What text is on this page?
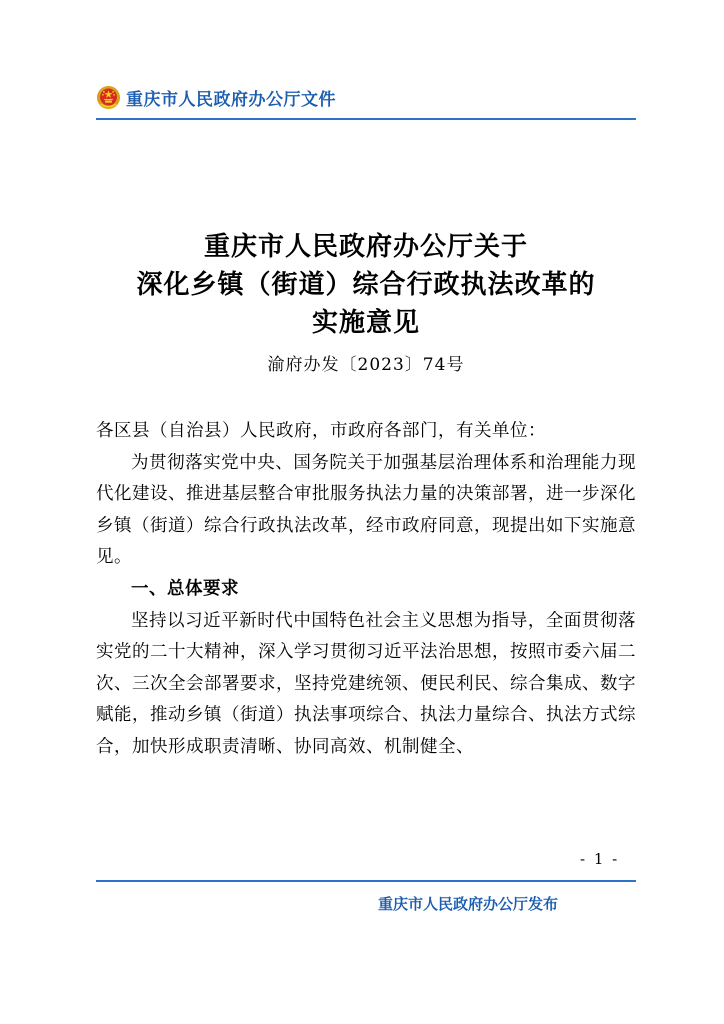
重庆市人民政府办公厅文件
重庆市人民政府办公厅关于
深化乡镇（街道）综合行政执法改革的
实施意见
渝府办发〔2023〕74号

各区县（自治县）人民政府，市政府各部门，有关单位：

为贯彻落实党中央、国务院关于加强基层治理体系和治理能力现代化建设、推进基层整合审批服务执法力量的决策部署，进一步深化乡镇（街道）综合行政执法改革，经市政府同意，现提出如下实施意见。

一、总体要求

坚持以习近平新时代中国特色社会主义思想为指导，全面贯彻落实党的二十大精神，深入学习贯彻习近平法治思想，按照市委六届二次、三次全会部署要求，坚持党建统领、便民利民、综合集成、数字赋能，推动乡镇（街道）执法事项综合、执法力量综合、执法方式综合，加快形成职责清晰、协同高效、机制健全、

- 1 -
重庆市人民政府办公厅发布
